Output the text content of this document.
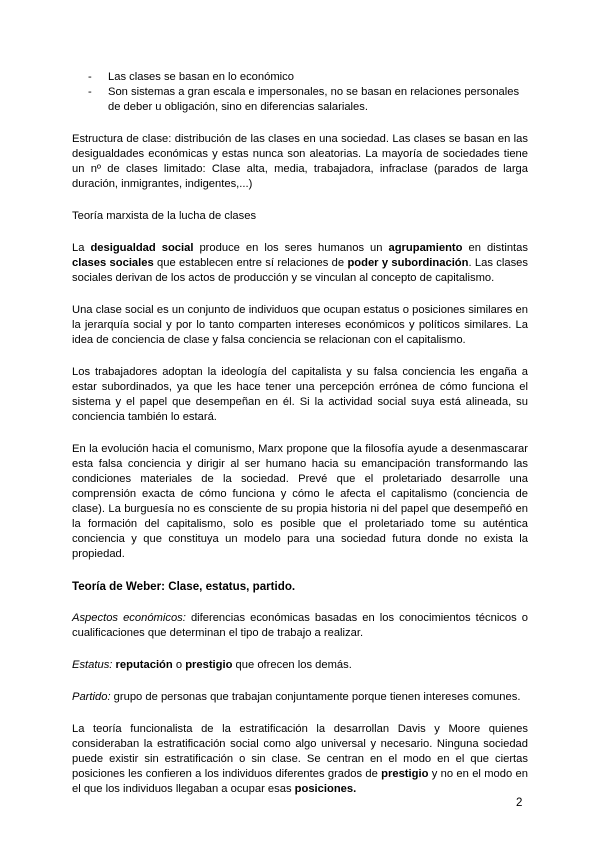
- Las clases se basan en lo económico
- Son sistemas a gran escala e impersonales, no se basan en relaciones personales de deber u obligación, sino en diferencias salariales.

Estructura de clase: distribución de las clases en una sociedad. Las clases se basan en las desigualdades económicas y estas nunca son aleatorias. La mayoría de sociedades tiene un nº de clases limitado: Clase alta, media, trabajadora, infraclase (parados de larga duración, inmigrantes, indigentes,...)

Teoría marxista de la lucha de clases

La desigualdad social produce en los seres humanos un agrupamiento en distintas clases sociales que establecen entre sí relaciones de poder y subordinación. Las clases sociales derivan de los actos de producción y se vinculan al concepto de capitalismo.

Una clase social es un conjunto de individuos que ocupan estatus o posiciones similares en la jerarquía social y por lo tanto comparten intereses económicos y políticos similares. La idea de conciencia de clase y falsa conciencia se relacionan con el capitalismo.

Los trabajadores adoptan la ideología del capitalista y su falsa conciencia les engaña a estar subordinados, ya que les hace tener una percepción errónea de cómo funciona el sistema y el papel que desempeñan en él. Si la actividad social suya está alineada, su conciencia también lo estará.

En la evolución hacia el comunismo, Marx propone que la filosofía ayude a desenmascarar esta falsa conciencia y dirigir al ser humano hacia su emancipación transformando las condiciones materiales de la sociedad. Prevé que el proletariado desarrolle una comprensión exacta de cómo funciona y cómo le afecta el capitalismo (conciencia de clase). La burguesía no es consciente de su propia historia ni del papel que desempeñó en la formación del capitalismo, solo es posible que el proletariado tome su auténtica conciencia y que constituya un modelo para una sociedad futura donde no exista la propiedad.

Teoría de Weber: Clase, estatus, partido.

Aspectos económicos: diferencias económicas basadas en los conocimientos técnicos o cualificaciones que determinan el tipo de trabajo a realizar.

Estatus: reputación o prestigio que ofrecen los demás.

Partido: grupo de personas que trabajan conjuntamente porque tienen intereses comunes.

La teoría funcionalista de la estratificación la desarrollan Davis y Moore quienes consideraban la estratificación social como algo universal y necesario. Ninguna sociedad puede existir sin estratificación o sin clase. Se centran en el modo en el que ciertas posiciones les confieren a los individuos diferentes grados de prestigio y no en el modo en el que los individuos llegaban a ocupar esas posiciones.

2
